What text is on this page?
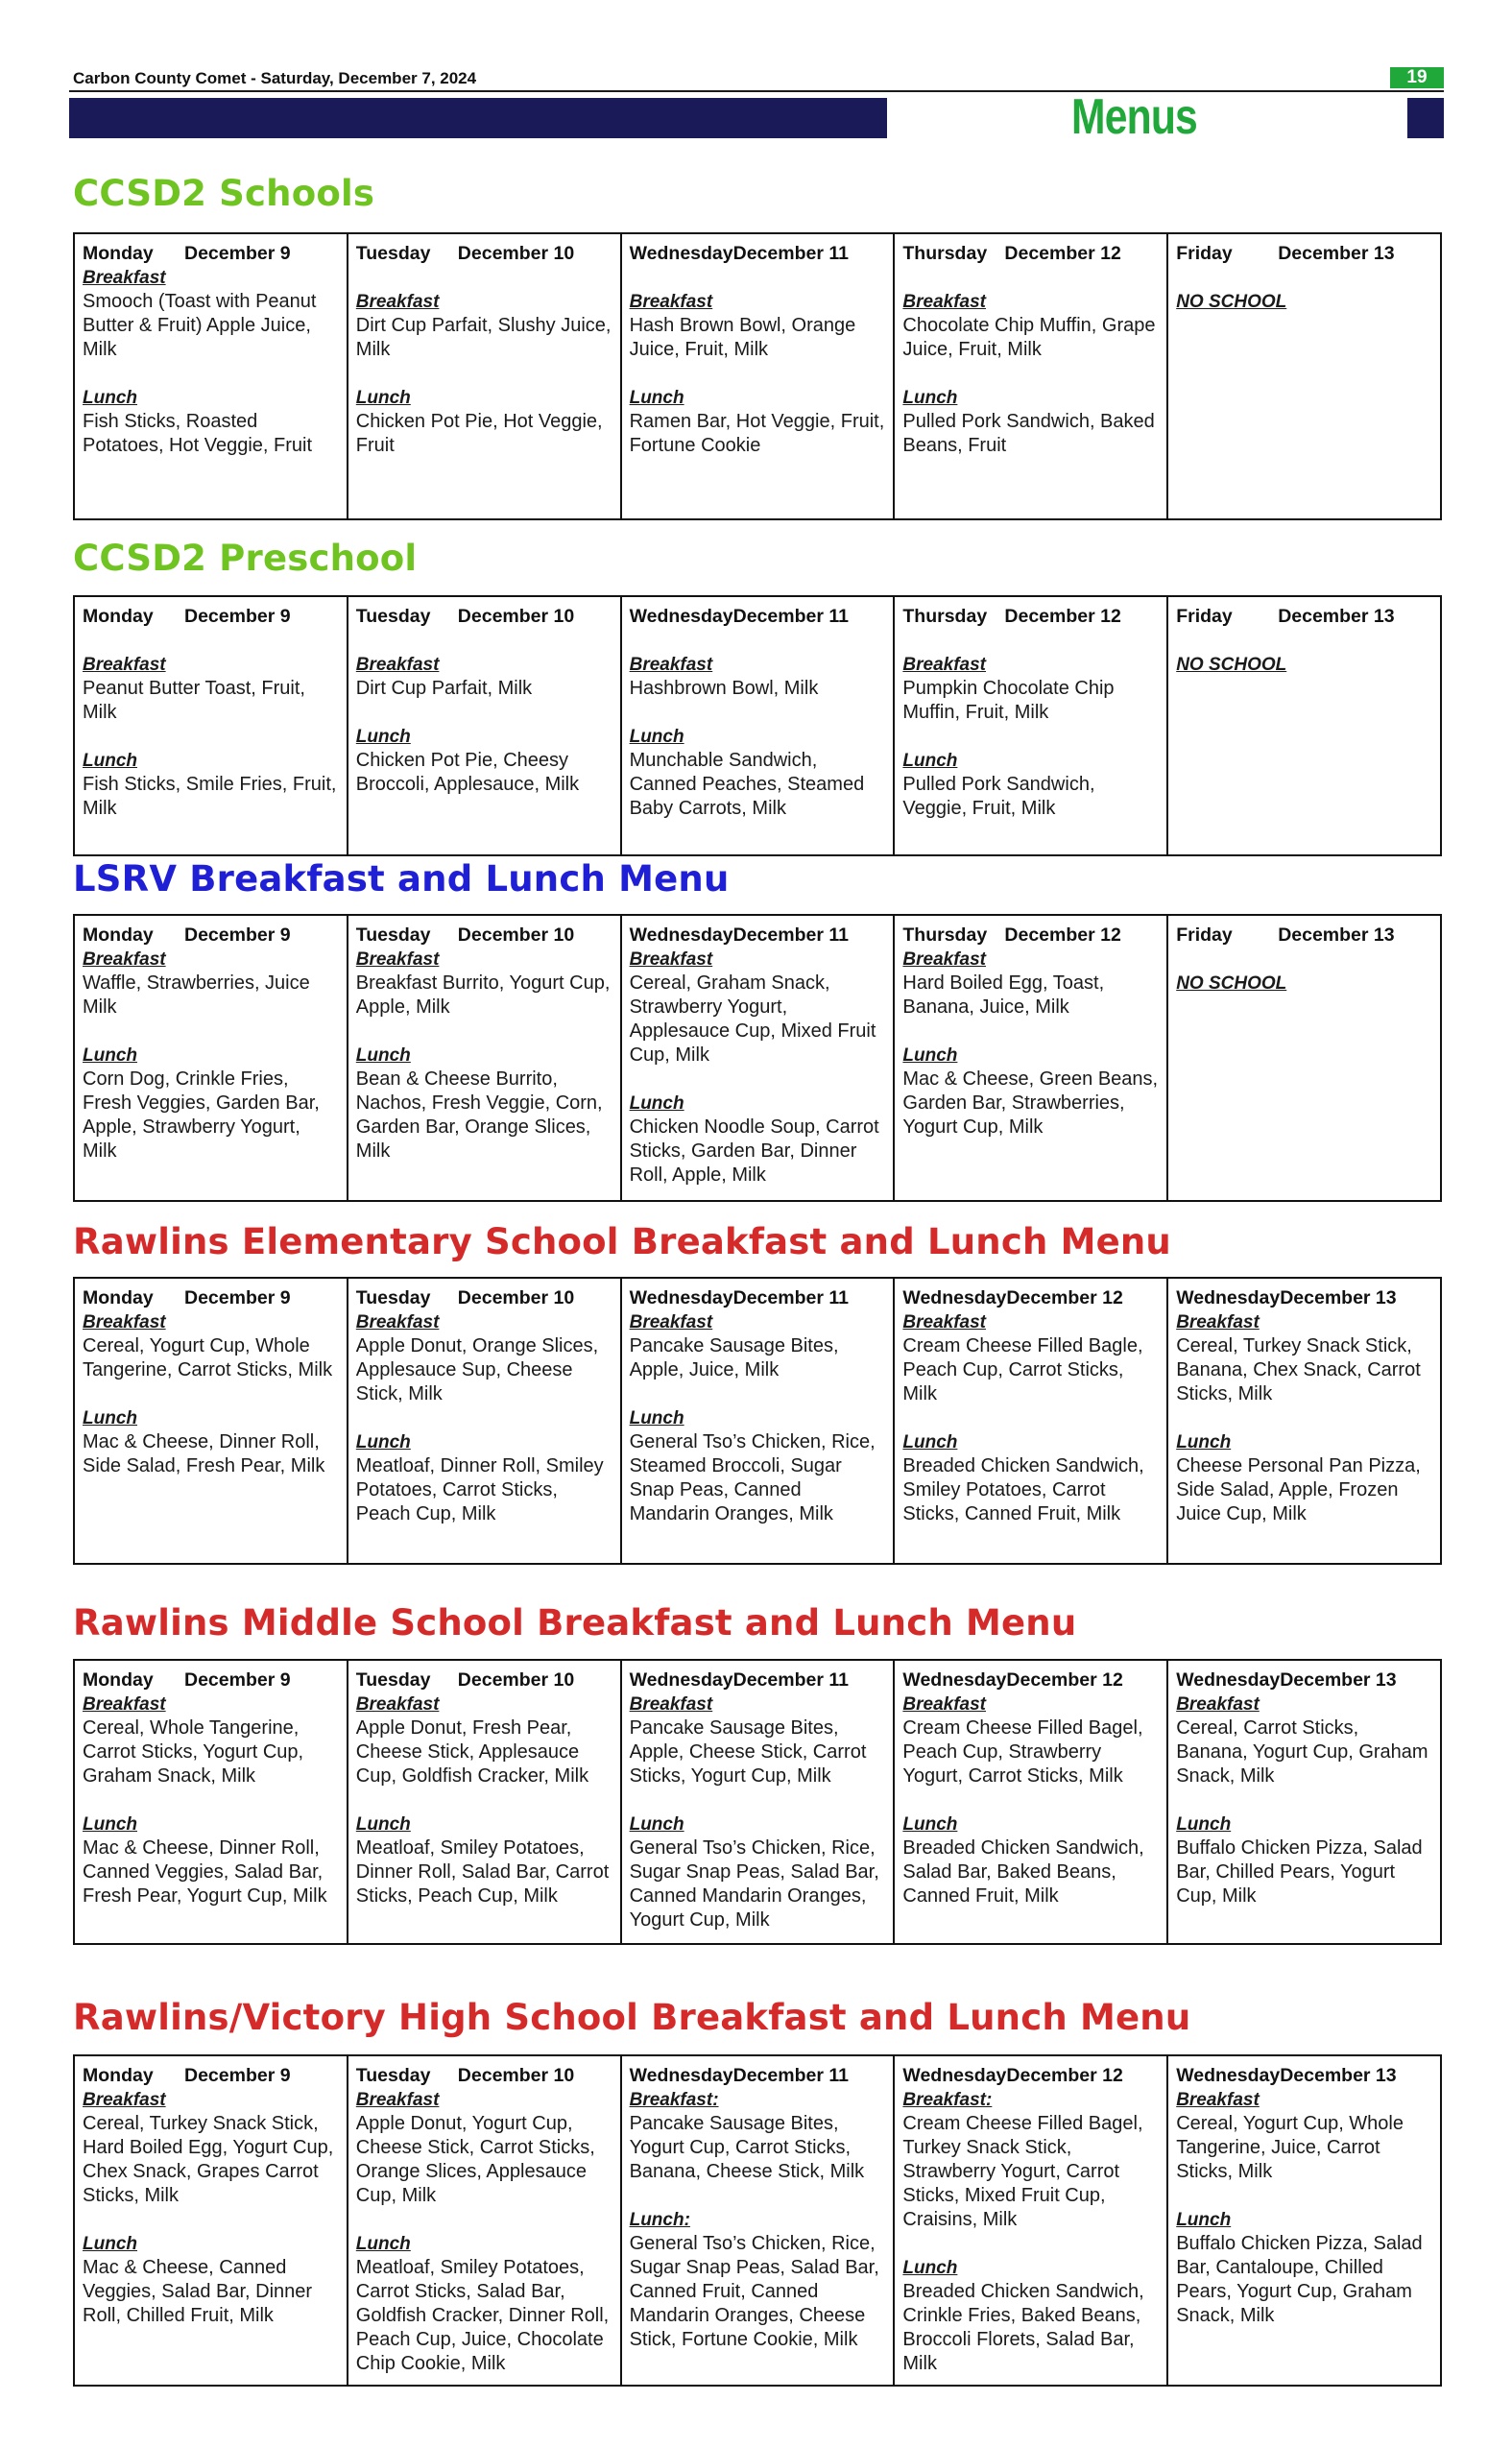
Carbon County Comet - Saturday, December 7, 2024	19
Menus
CCSD2 Schools
Monday December 9
Breakfast
Smooch (Toast with Peanut Butter & Fruit) Apple Juice, Milk
Lunch
Fish Sticks, Roasted Potatoes, Hot Veggie, Fruit
Tuesday December 10
Breakfast
Dirt Cup Parfait, Slushy Juice, Milk
Lunch
Chicken Pot Pie, Hot Veggie, Fruit
WednesdayDecember 11
Breakfast
Hash Brown Bowl, Orange Juice, Fruit, Milk
Lunch
Ramen Bar, Hot Veggie, Fruit, Fortune Cookie
Thursday December 12
Breakfast
Chocolate Chip Muffin, Grape Juice, Fruit, Milk
Lunch
Pulled Pork Sandwich, Baked Beans, Fruit
Friday December 13
NO SCHOOL
CCSD2 Preschool
Monday December 9
Breakfast
Peanut Butter Toast, Fruit, Milk
Lunch
Fish Sticks, Smile Fries, Fruit, Milk
Tuesday December 10
Breakfast
Dirt Cup Parfait, Milk
Lunch
Chicken Pot Pie, Cheesy Broccoli, Applesauce, Milk
WednesdayDecember 11
Breakfast
Hashbrown Bowl, Milk
Lunch
Munchable Sandwich, Canned Peaches, Steamed Baby Carrots, Milk
Thursday December 12
Breakfast
Pumpkin Chocolate Chip Muffin, Fruit, Milk
Lunch
Pulled Pork Sandwich, Veggie, Fruit, Milk
Friday December 13
NO SCHOOL
LSRV Breakfast and Lunch Menu
Monday December 9
Breakfast
Waffle, Strawberries, Juice Milk
Lunch
Corn Dog, Crinkle Fries, Fresh Veggies, Garden Bar, Apple, Strawberry Yogurt, Milk
Tuesday December 10
Breakfast
Breakfast Burrito, Yogurt Cup, Apple, Milk
Lunch
Bean & Cheese Burrito, Nachos, Fresh Veggie, Corn, Garden Bar, Orange Slices, Milk
WednesdayDecember 11
Breakfast
Cereal, Graham Snack, Strawberry Yogurt, Applesauce Cup, Mixed Fruit Cup, Milk
Lunch
Chicken Noodle Soup, Carrot Sticks, Garden Bar, Dinner Roll, Apple, Milk
Thursday December 12
Breakfast
Hard Boiled Egg, Toast, Banana, Juice, Milk
Lunch
Mac & Cheese, Green Beans, Garden Bar, Strawberries, Yogurt Cup, Milk
Friday December 13
NO SCHOOL
Rawlins Elementary School Breakfast and Lunch Menu
Monday December 9
Breakfast
Cereal, Yogurt Cup, Whole Tangerine, Carrot Sticks, Milk
Lunch
Mac & Cheese, Dinner Roll, Side Salad, Fresh Pear, Milk
Tuesday December 10
Breakfast
Apple Donut, Orange Slices, Applesauce Sup, Cheese Stick, Milk
Lunch
Meatloaf, Dinner Roll, Smiley Potatoes, Carrot Sticks, Peach Cup, Milk
WednesdayDecember 11
Breakfast
Pancake Sausage Bites, Apple, Juice, Milk
Lunch
General Tso’s Chicken, Rice, Steamed Broccoli, Sugar Snap Peas, Canned Mandarin Oranges, Milk
WednesdayDecember 12
Breakfast
Cream Cheese Filled Bagle, Peach Cup, Carrot Sticks, Milk
Lunch
Breaded Chicken Sandwich, Smiley Potatoes, Carrot Sticks, Canned Fruit, Milk
WednesdayDecember 13
Breakfast
Cereal, Turkey Snack Stick, Banana, Chex Snack, Carrot Sticks, Milk
Lunch
Cheese Personal Pan Pizza, Side Salad, Apple, Frozen Juice Cup, Milk
Rawlins Middle School Breakfast and Lunch Menu
Monday December 9
Breakfast
Cereal, Whole Tangerine, Carrot Sticks, Yogurt Cup, Graham Snack, Milk
Lunch
Mac & Cheese, Dinner Roll, Canned Veggies, Salad Bar, Fresh Pear, Yogurt Cup, Milk
Tuesday December 10
Breakfast
Apple Donut, Fresh Pear, Cheese Stick, Applesauce Cup, Goldfish Cracker, Milk
Lunch
Meatloaf, Smiley Potatoes, Dinner Roll, Salad Bar, Carrot Sticks, Peach Cup, Milk
WednesdayDecember 11
Breakfast
Pancake Sausage Bites, Apple, Cheese Stick, Carrot Sticks, Yogurt Cup, Milk
Lunch
General Tso’s Chicken, Rice, Sugar Snap Peas, Salad Bar, Canned Mandarin Oranges, Yogurt Cup, Milk
WednesdayDecember 12
Breakfast
Cream Cheese Filled Bagel, Peach Cup, Strawberry Yogurt, Carrot Sticks, Milk
Lunch
Breaded Chicken Sandwich, Salad Bar, Baked Beans, Canned Fruit, Milk
WednesdayDecember 13
Breakfast
Cereal, Carrot Sticks, Banana, Yogurt Cup, Graham Snack, Milk
Lunch
Buffalo Chicken Pizza, Salad Bar, Chilled Pears, Yogurt Cup, Milk
Rawlins/Victory High School Breakfast and Lunch Menu
Monday December 9
Breakfast
Cereal, Turkey Snack Stick, Hard Boiled Egg, Yogurt Cup, Chex Snack, Grapes Carrot Sticks, Milk
Lunch
Mac & Cheese, Canned Veggies, Salad Bar, Dinner Roll, Chilled Fruit, Milk
Tuesday December 10
Breakfast
Apple Donut, Yogurt Cup, Cheese Stick, Carrot Sticks, Orange Slices, Applesauce Cup, Milk
Lunch
Meatloaf, Smiley Potatoes, Carrot Sticks, Salad Bar, Goldfish Cracker, Dinner Roll, Peach Cup, Juice, Chocolate Chip Cookie, Milk
WednesdayDecember 11
Breakfast:
Pancake Sausage Bites, Yogurt Cup, Carrot Sticks, Banana, Cheese Stick, Milk
Lunch:
General Tso’s Chicken, Rice, Sugar Snap Peas, Salad Bar, Canned Fruit, Canned Mandarin Oranges, Cheese Stick, Fortune Cookie, Milk
WednesdayDecember 12
Breakfast:
Cream Cheese Filled Bagel, Turkey Snack Stick, Strawberry Yogurt, Carrot Sticks, Mixed Fruit Cup, Craisins, Milk
Lunch
Breaded Chicken Sandwich, Crinkle Fries, Baked Beans, Broccoli Florets, Salad Bar, Milk
WednesdayDecember 13
Breakfast
Cereal, Yogurt Cup, Whole Tangerine, Juice, Carrot Sticks, Milk
Lunch
Buffalo Chicken Pizza, Salad Bar, Cantaloupe, Chilled Pears, Yogurt Cup, Graham Snack, Milk
